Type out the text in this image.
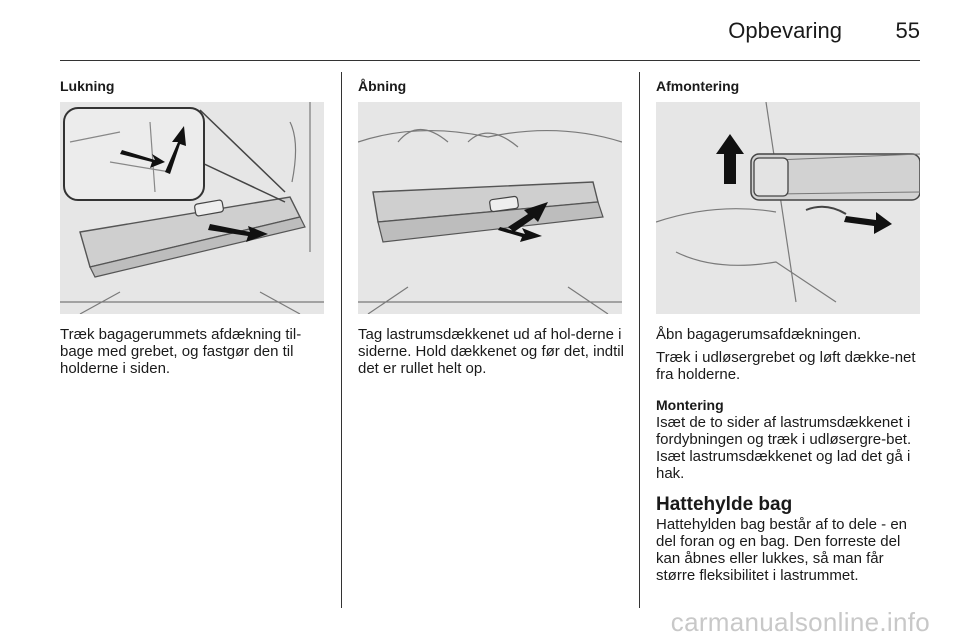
Opbevaring 55
Lukning

Træk bagagerummets afdækning til-bage med grebet, og fastgør den til holderne i siden.

Åbning

Tag lastrumsdækkenet ud af hol-derne i siderne. Hold dækkenet og før det, indtil det er rullet helt op.

Afmontering

Åbn bagagerumsafdækningen.

Træk i udløsergrebet og løft dække-net fra holderne.

Montering

Isæt de to sider af lastrumsdækkenet i fordybningen og træk i udløsergre-bet. Isæt lastrumsdækkenet og lad det gå i hak.

Hattehylde bag

Hattehylden bag består af to dele - en del foran og en bag. Den forreste del kan åbnes eller lukkes, så man får større fleksibilitet i lastrummet.

carmanualsonline.info
